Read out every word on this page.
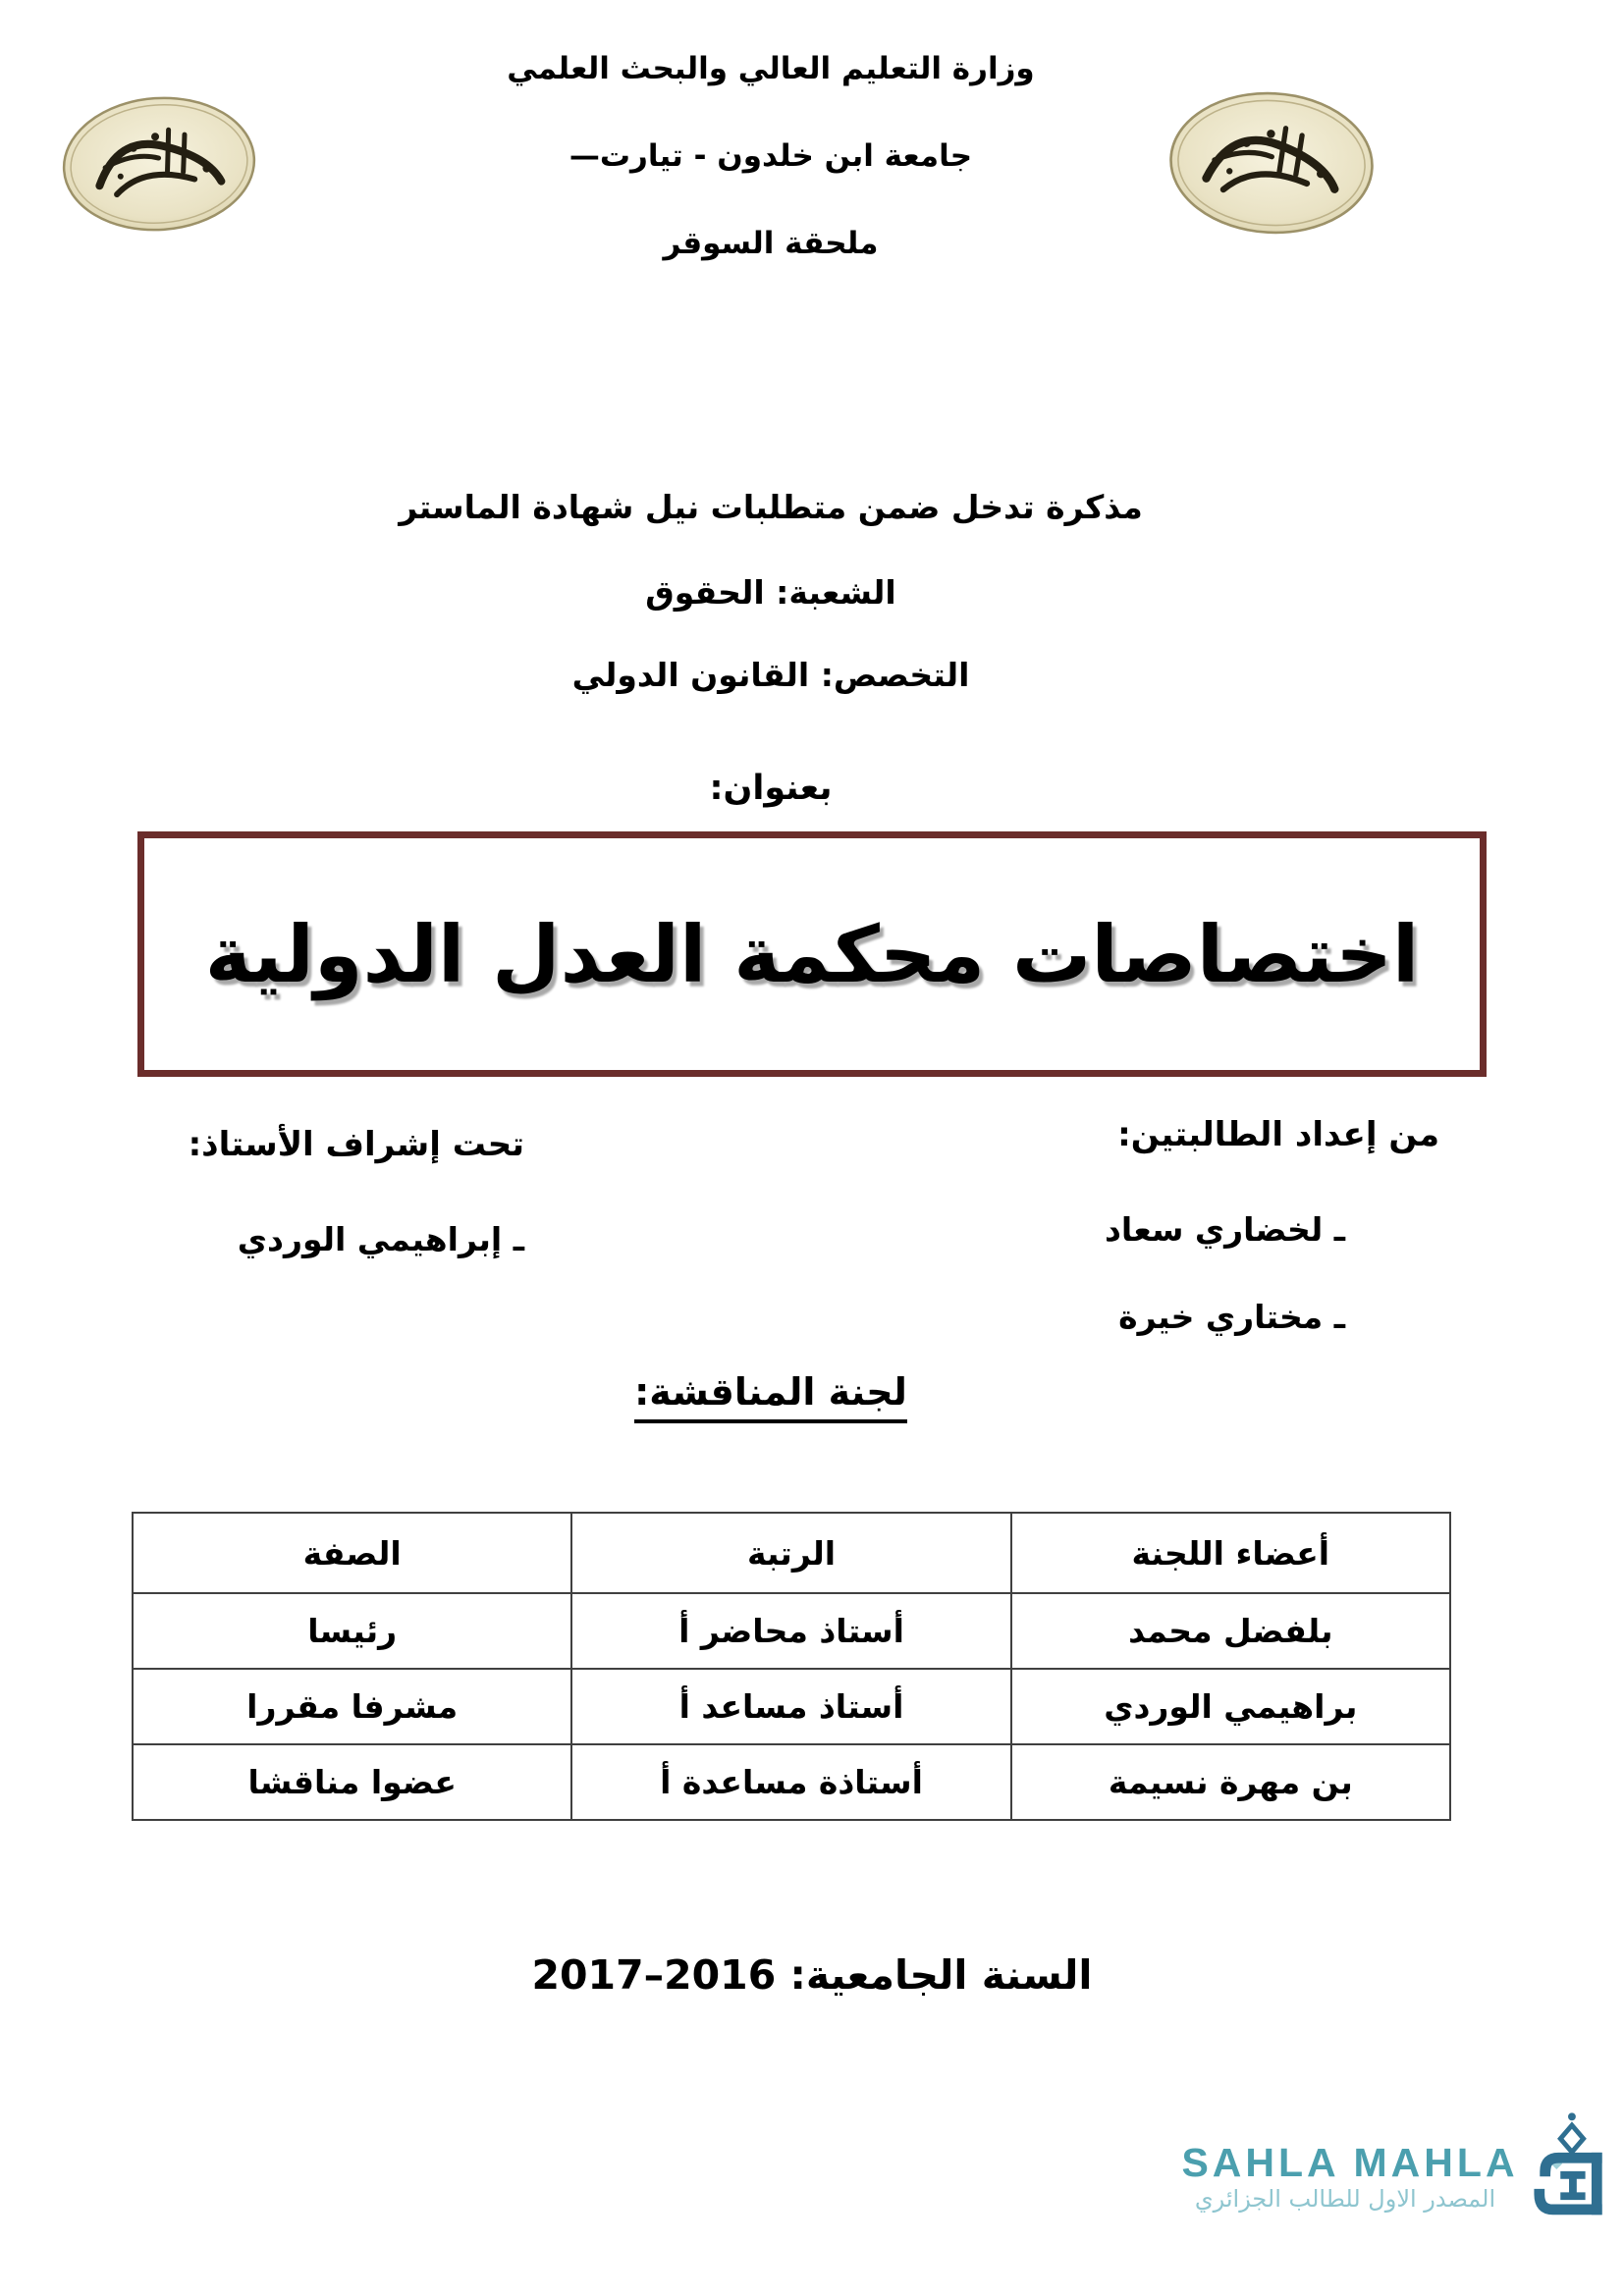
وزارة التعليم العالي والبحث العلمي
جامعة ابن خلدون - تيارت—
ملحقة السوقر
مذكرة تدخل ضمن متطلبات نيل شهادة الماستر
الشعبة: الحقوق
التخصص: القانون الدولي
بعنوان:
اختصاصات محكمة العدل الدولية
من إعداد الطالبتين:
ـ لخضاري سعاد
ـ مختاري خيرة
تحت إشراف الأستاذ:
ـ إبراهيمي الوردي
لجنة المناقشة:
أعضاء اللجنة	الرتبة	الصفة
بلفضل محمد	أستاذ محاضر أ	رئيسا
براهيمي الوردي	أستاذ مساعد أ	مشرفا مقررا
بن مهرة نسيمة	أستاذة مساعدة أ	عضوا مناقشا
السنة الجامعية: 2016–2017
SAHLA MAHLA
المصدر الاول للطالب الجزائري
